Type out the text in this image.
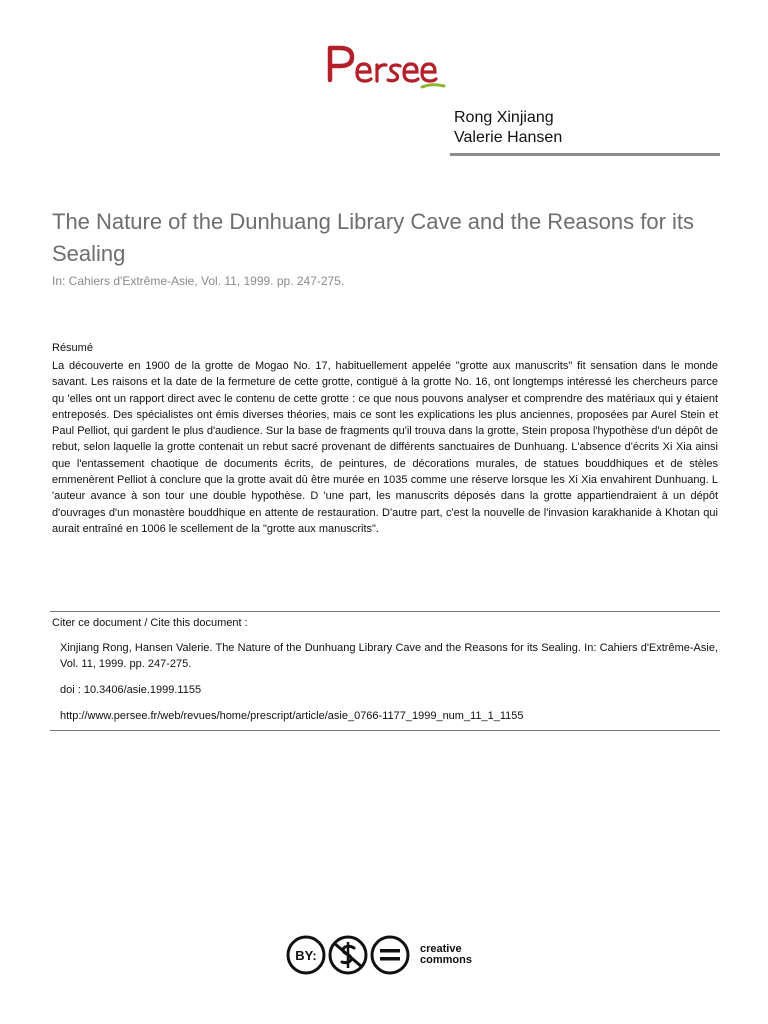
Rong Xinjiang
Valerie Hansen
The Nature of the Dunhuang Library Cave and the Reasons for its Sealing
In: Cahiers d'Extrême-Asie, Vol. 11, 1999. pp. 247-275.
Résumé
La découverte en 1900 de la grotte de Mogao No. 17, habituellement appelée "grotte aux manuscrits" fit sensation dans le monde savant. Les raisons et la date de la fermeture de cette grotte, contiguë à la grotte No. 16, ont longtemps intéressé les chercheurs parce qu 'elles ont un rapport direct avec le contenu de cette grotte : ce que nous pouvons analyser et comprendre des matériaux qui y étaient entreposés. Des spécialistes ont émis diverses théories, mais ce sont les explications les plus anciennes, proposées par Aurel Stein et Paul Pelliot, qui gardent le plus d'audience. Sur la base de fragments qu'il trouva dans la grotte, Stein proposa l'hypothèse d'un dépôt de rebut, selon laquelle la grotte contenait un rebut sacré provenant de différents sanctuaires de Dunhuang. L'absence d'écrits Xi Xia ainsi que l'entassement chaotique de documents écrits, de peintures, de décorations murales, de statues bouddhiques et de stèles emmenèrent Pelliot à conclure que la grotte avait dû être murée en 1035 comme une réserve lorsque les Xi Xia envahirent Dunhuang. L 'auteur avance à son tour une double hypothèse. D 'une part, les manuscrits déposés dans la grotte appartiendraient à un dépôt d'ouvrages d'un monastère bouddhique en attente de restauration. D'autre part, c'est la nouvelle de l'invasion karakhanide à Khotan qui aurait entraîné en 1006 le scellement de la "grotte aux manuscrits".
Citer ce document / Cite this document :
Xinjiang Rong, Hansen Valerie. The Nature of the Dunhuang Library Cave and the Reasons for its Sealing. In: Cahiers d'Extrême-Asie, Vol. 11, 1999. pp. 247-275.
doi : 10.3406/asie.1999.1155
http://www.persee.fr/web/revues/home/prescript/article/asie_0766-1177_1999_num_11_1_1155
BY:	creative
commons
